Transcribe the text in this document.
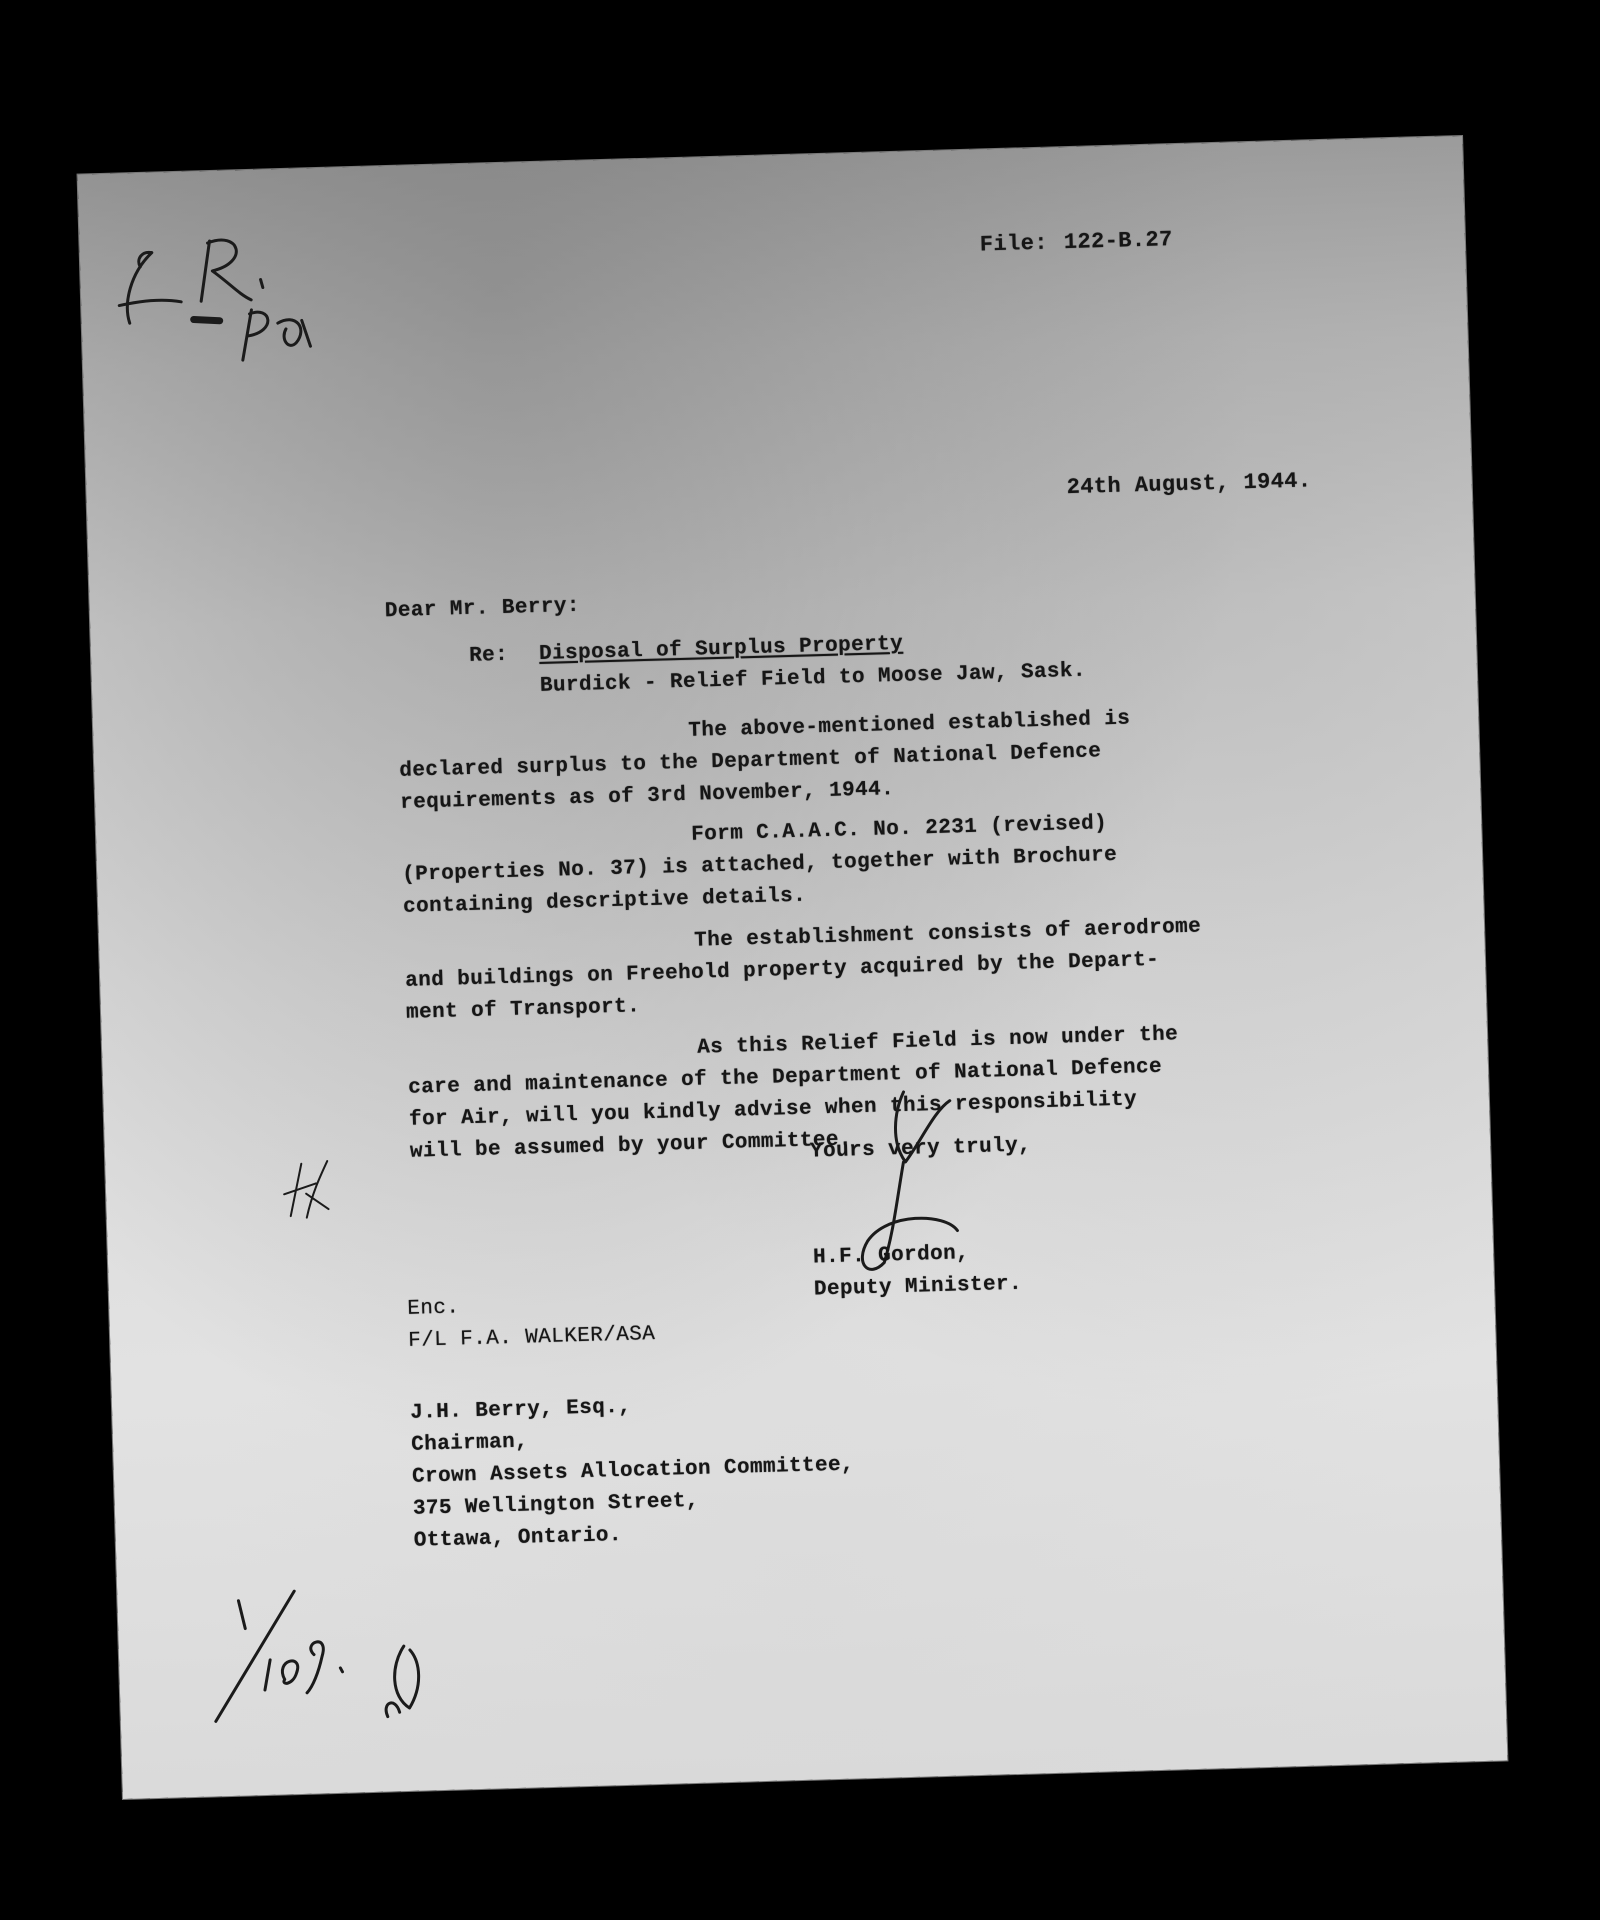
File: 122-B.27
24th August, 1944.
Dear Mr. Berry:
Re: Disposal of Surplus Property
Burdick - Relief Field to Moose Jaw, Sask.
The above-mentioned established is
declared surplus to the Department of National Defence
requirements as of 3rd November, 1944.
Form C.A.A.C. No. 2231 (revised)
(Properties No. 37) is attached, together with Brochure
containing descriptive details.
The establishment consists of aerodrome
and buildings on Freehold property acquired by the Depart-
ment of Transport.
As this Relief Field is now under the
care and maintenance of the Department of National Defence
for Air, will you kindly advise when this responsibility
will be assumed by your Committee.
Yours very truly,
H.F. Gordon,
Deputy Minister.
Enc.
F/L F.A. WALKER/ASA
J.H. Berry, Esq.,
Chairman,
Crown Assets Allocation Committee,
375 Wellington Street,
Ottawa, Ontario.
